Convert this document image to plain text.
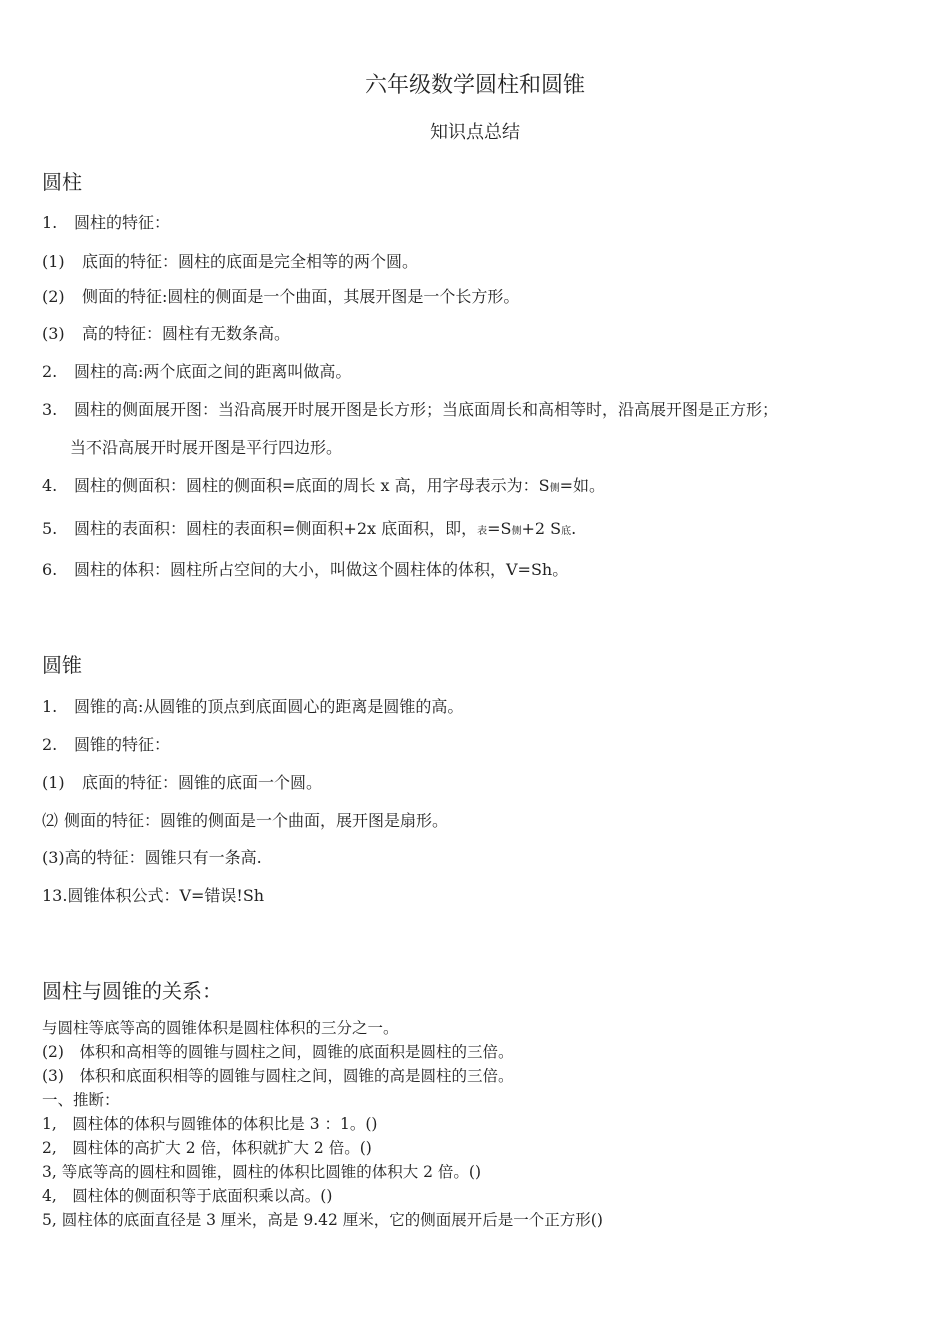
六年级数学圆柱和圆锥
知识点总结
圆柱
1. 圆柱的特征：
(1) 底面的特征：圆柱的底面是完全相等的两个圆。
(2) 侧面的特征:圆柱的侧面是一个曲面，其展开图是一个长方形。
(3) 高的特征：圆柱有无数条高。
2. 圆柱的高:两个底面之间的距离叫做高。
3. 圆柱的侧面展开图：当沿高展开时展开图是长方形；当底面周长和高相等时，沿高展开图是正方形；
当不沿高展开时展开图是平行四边形。
4. 圆柱的侧面积：圆柱的侧面积=底面的周长 x 高，用字母表示为：S侧=如。
5. 圆柱的表面积：圆柱的表面积=侧面积+2x 底面积，即，表=S侧+2 S底.
6. 圆柱的体积：圆柱所占空间的大小，叫做这个圆柱体的体积，V=Sh。
圆锥
1. 圆锥的高:从圆锥的顶点到底面圆心的距离是圆锥的高。
2. 圆锥的特征：
(1) 底面的特征：圆锥的底面一个圆。
⑵ 侧面的特征：圆锥的侧面是一个曲面，展开图是扇形。
(3)高的特征：圆锥只有一条高.
13.圆锥体积公式：V=错误!Sh
圆柱与圆锥的关系：
与圆柱等底等高的圆锥体积是圆柱体积的三分之一。
(2)　体积和高相等的圆锥与圆柱之间，圆锥的底面积是圆柱的三倍。
(3)　体积和底面积相等的圆锥与圆柱之间，圆锥的高是圆柱的三倍。
一、推断：
1,　圆柱体的体积与圆锥体的体积比是 3 ：1。()
2,　圆柱体的高扩大 2 倍，体积就扩大 2 倍。()
3, 等底等高的圆柱和圆锥，圆柱的体积比圆锥的体积大 2 倍。()
4,　圆柱体的侧面积等于底面积乘以高。()
5, 圆柱体的底面直径是 3 厘米，高是 9.42 厘米，它的侧面展开后是一个正方形()
